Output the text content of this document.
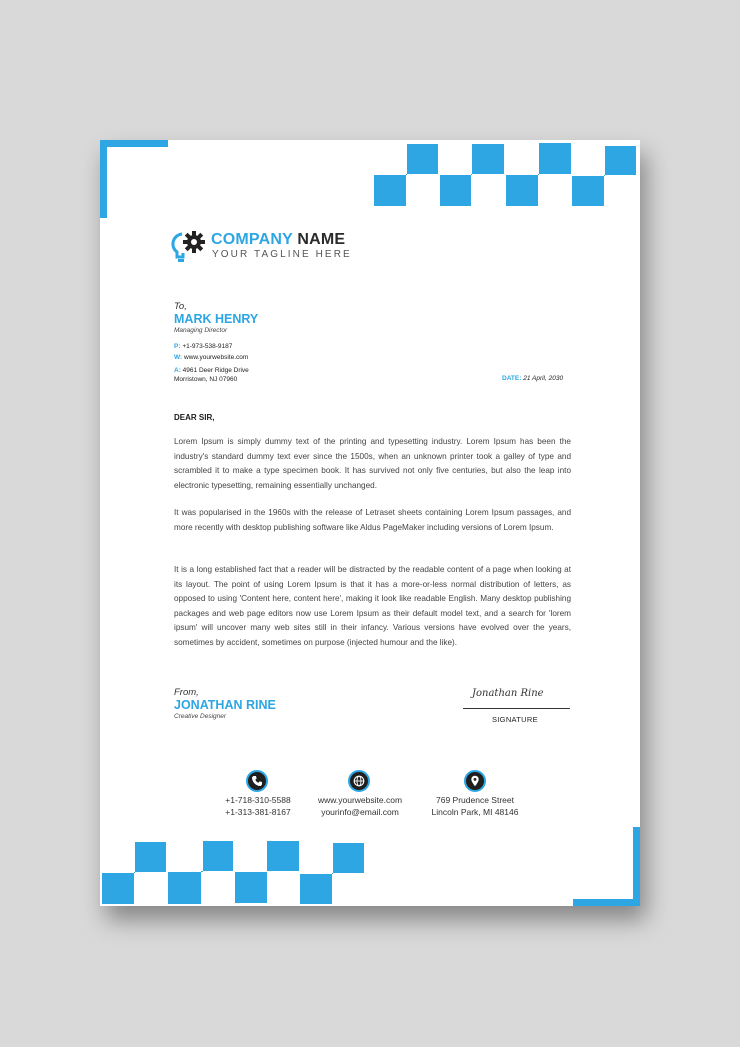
COMPANY NAME
YOUR TAGLINE HERE
To,
MARK HENRY
Managing Director
P: +1-973-538-9187
W: www.yourwebsite.com
A: 4961 Deer Ridge Drive
Morristown, NJ 07960	DATE: 21 April, 2030
DEAR SIR,

Lorem Ipsum is simply dummy text of the printing and typesetting industry. Lorem Ipsum has been the industry's standard dummy text ever since the 1500s, when an unknown printer took a galley of type and scrambled it to make a type specimen book. It has survived not only five centuries, but also the leap into electronic typesetting, remaining essentially unchanged.

It was popularised in the 1960s with the release of Letraset sheets containing Lorem Ipsum passages, and more recently with desktop publishing software like Aldus PageMaker including versions of Lorem Ipsum.

It is a long established fact that a reader will be distracted by the readable content of a page when looking at its layout. The point of using Lorem Ipsum is that it has a more-or-less normal distribution of letters, as opposed to using 'Content here, content here', making it look like readable English. Many desktop publishing packages and web page editors now use Lorem Ipsum as their default model text, and a search for 'lorem ipsum' will uncover many web sites still in their infancy. Various versions have evolved over the years, sometimes by accident, sometimes on purpose (injected humour and the like).

From,
JONATHAN RINE
Creative Designer
Jonathan Rine
SIGNATURE
+1-718-310-5588
+1-313-381-8167
www.yourwebsite.com
yourinfo@email.com
769 Prudence Street
Lincoln Park, MI 48146
